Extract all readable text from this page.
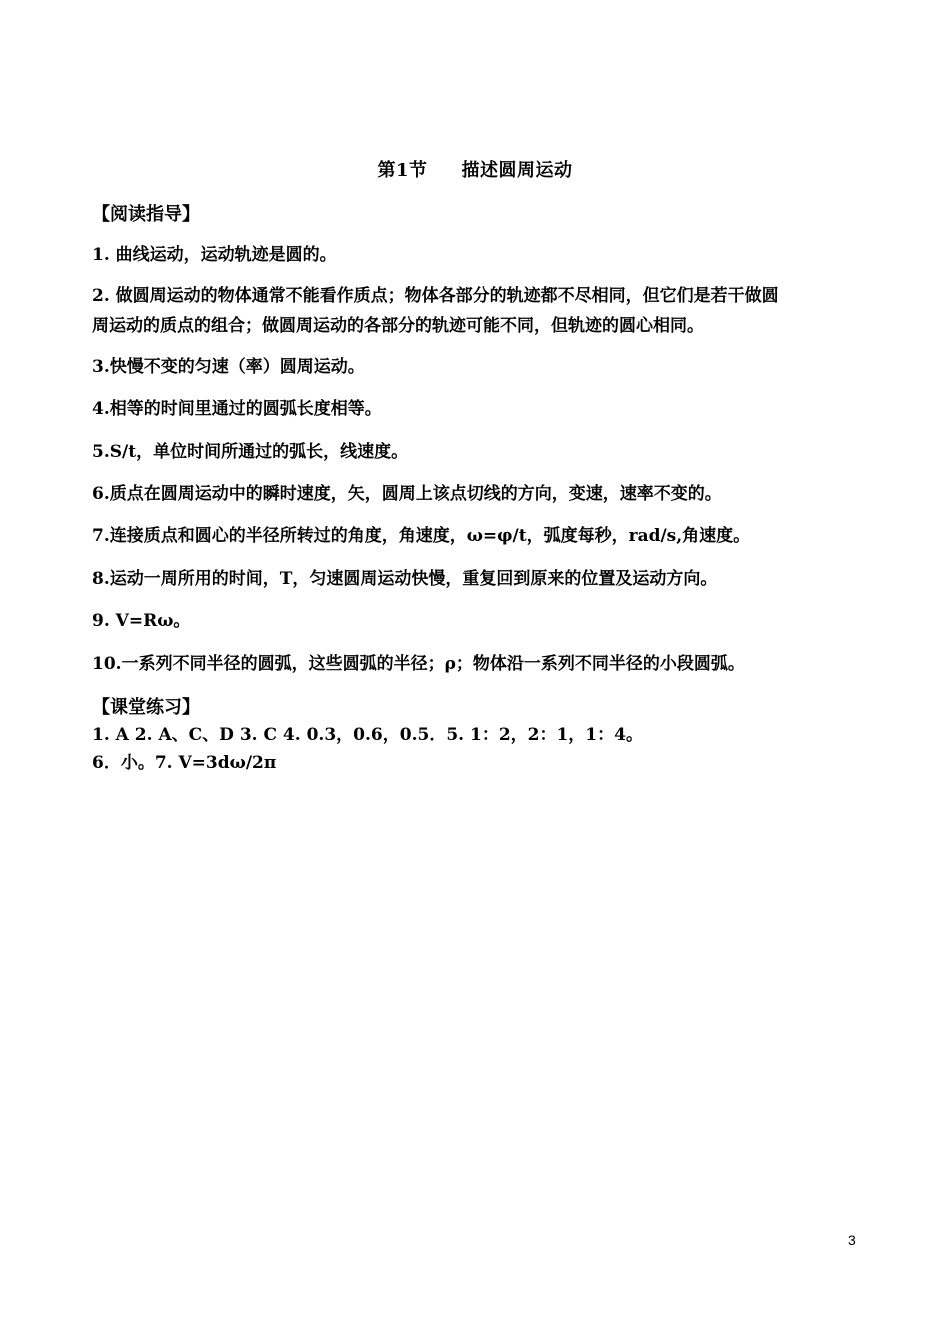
第1节 描述圆周运动
【阅读指导】
1. 曲线运动，运动轨迹是圆的。
2. 做圆周运动的物体通常不能看作质点；物体各部分的轨迹都不尽相同，但它们是若干做圆
周运动的质点的组合；做圆周运动的各部分的轨迹可能不同，但轨迹的圆心相同。
3.快慢不变的匀速（率）圆周运动。
4.相等的时间里通过的圆弧长度相等。
5.S/t，单位时间所通过的弧长，线速度。
6.质点在圆周运动中的瞬时速度，矢，圆周上该点切线的方向，变速，速率不变的。
7.连接质点和圆心的半径所转过的角度，角速度，ω=φ/t，弧度每秒，rad/s,角速度。
8.运动一周所用的时间，T，匀速圆周运动快慢，重复回到原来的位置及运动方向。
9. V=Rω。
10.一系列不同半径的圆弧，这些圆弧的半径；ρ；物体沿一系列不同半径的小段圆弧。
【课堂练习】
1. A 2. A、C、D 3. C 4. 0.3，0.6，0.5．5. 1：2，2：1，1：4。
6．小。7. V=3dω/2π
3
